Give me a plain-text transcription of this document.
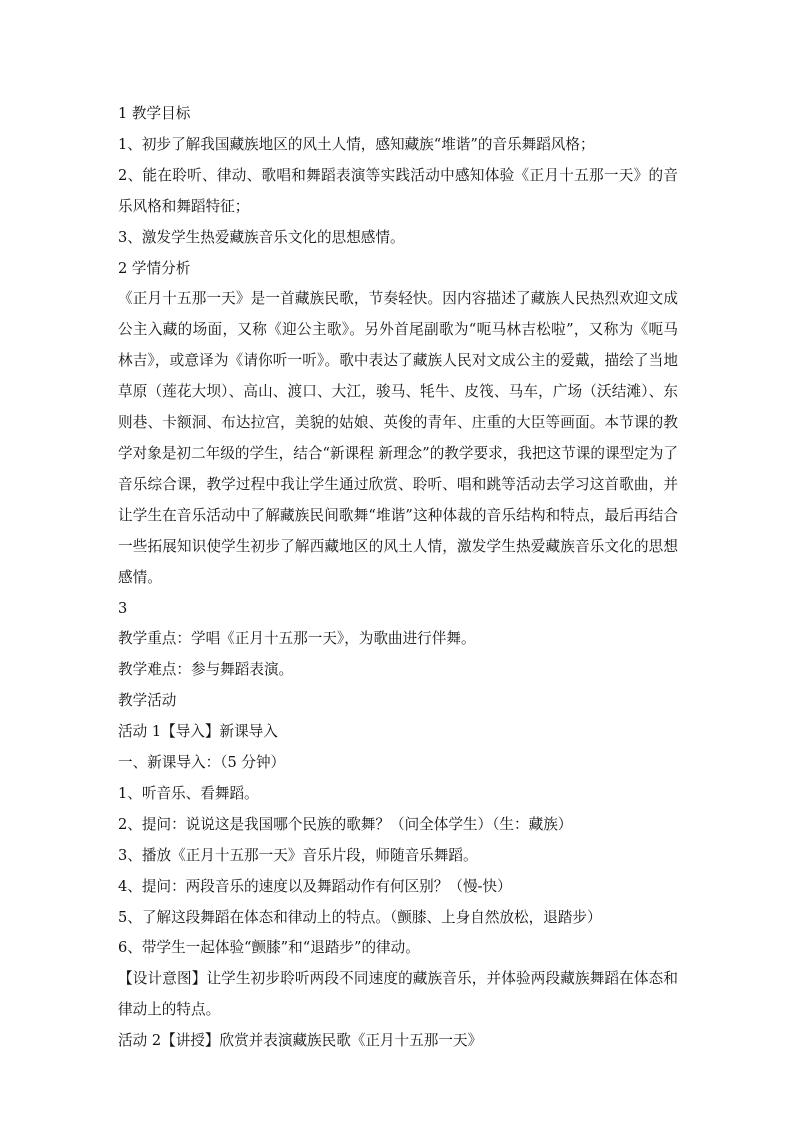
1 教学目标

1、初步了解我国藏族地区的风土人情，感知藏族“堆谐”的音乐舞蹈风格；

2、能在聆听、律动、歌唱和舞蹈表演等实践活动中感知体验《正月十五那一天》的音乐风格和舞蹈特征；

3、激发学生热爱藏族音乐文化的思想感情。

2 学情分析

《正月十五那一天》是一首藏族民歌，节奏轻快。因内容描述了藏族人民热烈欢迎文成公主入藏的场面，又称《迎公主歌》。另外首尾副歌为“呃马林吉松啦”，又称为《呃马林吉》，或意译为《请你听一听》。歌中表达了藏族人民对文成公主的爱戴，描绘了当地草原（莲花大坝）、高山、渡口、大江，骏马、牦牛、皮筏、马车，广场（沃结滩）、东则巷、卡额洞、布达拉宫，美貌的姑娘、英俊的青年、庄重的大臣等画面。本节课的教学对象是初二年级的学生，结合“新课程 新理念”的教学要求，我把这节课的课型定为了音乐综合课，教学过程中我让学生通过欣赏、聆听、唱和跳等活动去学习这首歌曲，并让学生在音乐活动中了解藏族民间歌舞“堆谐”这种体裁的音乐结构和特点，最后再结合一些拓展知识使学生初步了解西藏地区的风土人情，激发学生热爱藏族音乐文化的思想感情。

3

教学重点：学唱《正月十五那一天》，为歌曲进行伴舞。

教学难点：参与舞蹈表演。

教学活动

活动 1【导入】新课导入

一、新课导入：（5 分钟）

1、听音乐、看舞蹈。

2、提问：说说这是我国哪个民族的歌舞？（问全体学生）（生：藏族）

3、播放《正月十五那一天》音乐片段，师随音乐舞蹈。

4、提问：两段音乐的速度以及舞蹈动作有何区别？（慢-快）

5、了解这段舞蹈在体态和律动上的特点。（颤膝、上身自然放松，退踏步）

6、带学生一起体验“颤膝”和“退踏步”的律动。

【设计意图】让学生初步聆听两段不同速度的藏族音乐，并体验两段藏族舞蹈在体态和律动上的特点。

活动 2【讲授】欣赏并表演藏族民歌《正月十五那一天》
